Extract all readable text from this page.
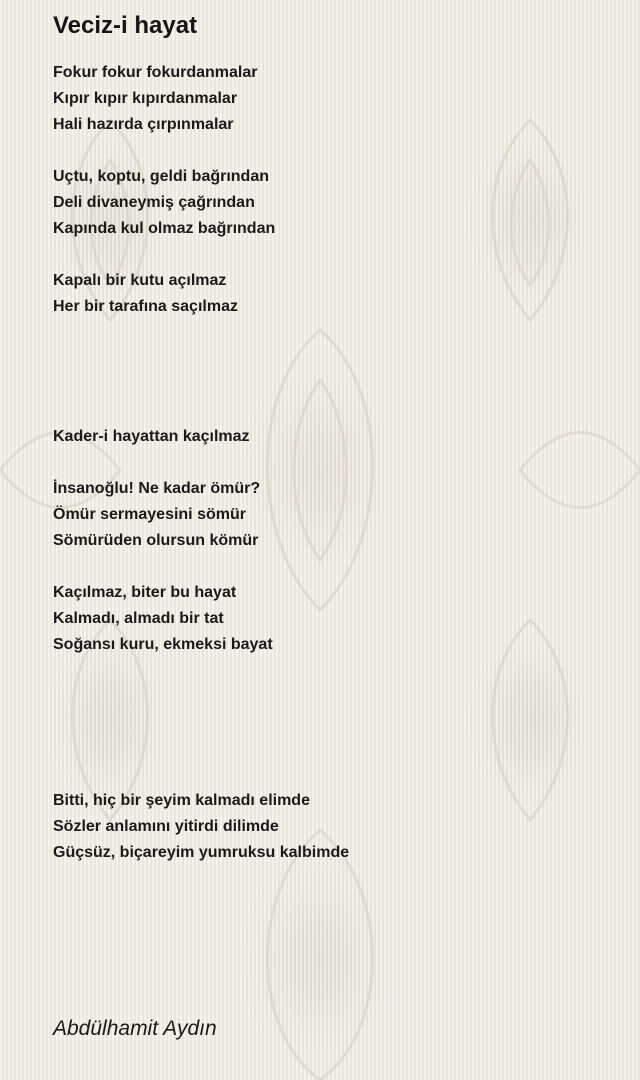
Veciz-i hayat
Fokur fokur fokurdanmalar
Kıpır kıpır kıpırdanmalar
Hali hazırda çırpınmalar
Uçtu, koptu, geldi bağrından
Deli divaneymiş çağrından
Kapında kul olmaz bağrından
Kapalı bir kutu açılmaz
Her bir tarafına saçılmaz
Kader-i hayattan kaçılmaz
İnsanoğlu! Ne kadar ömür?
Ömür sermayesini sömür
Sömürüden olursun kömür
Kaçılmaz, biter bu hayat
Kalmadı, almadı bir tat
Soğansı kuru, ekmeksi bayat
Bitti, hiç bir şeyim kalmadı elimde
Sözler anlamını yitirdi dilimde
Güçsüz, biçareyim yumruksu kalbimde
Abdülhamit Aydın
